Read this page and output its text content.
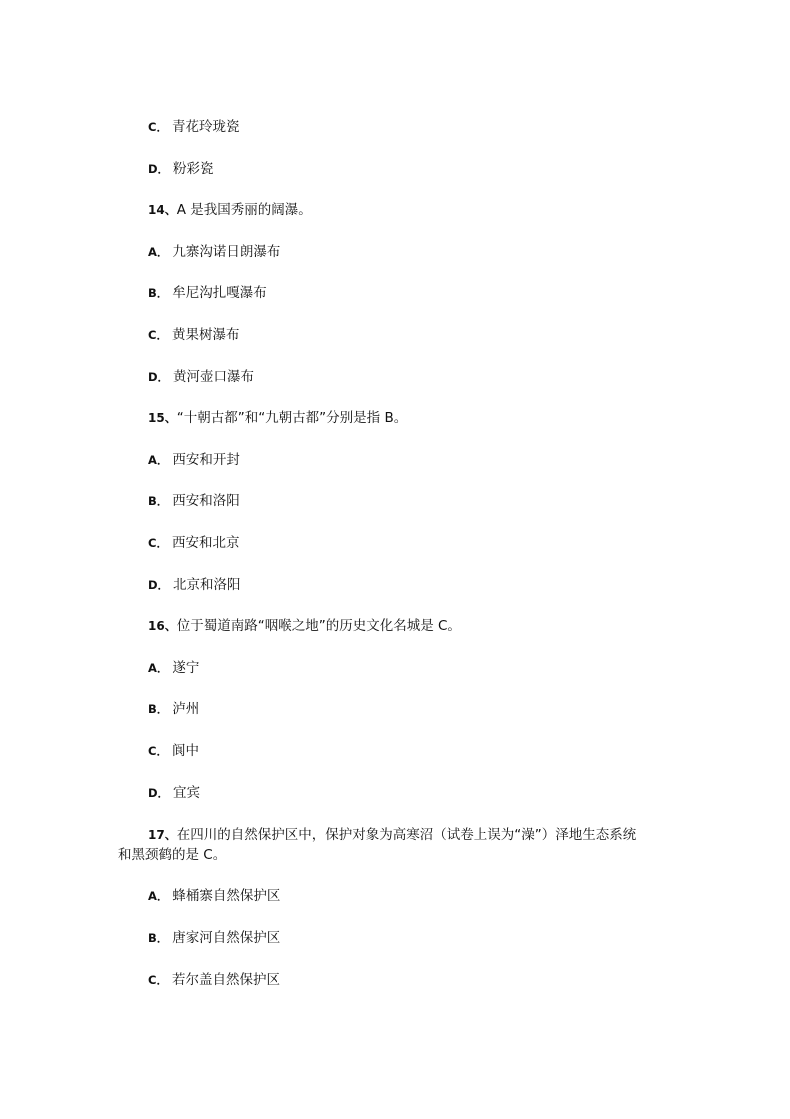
C． 青花玲珑瓷
D． 粉彩瓷
14、A 是我国秀丽的阔瀑。
A． 九寨沟诺日朗瀑布
B． 牟尼沟扎嘎瀑布
C． 黄果树瀑布
D． 黄河壶口瀑布
15、“十朝古都”和“九朝古都”分别是指 B。
A． 西安和开封
B． 西安和洛阳
C． 西安和北京
D． 北京和洛阳
16、位于蜀道南路“咽喉之地”的历史文化名城是 C。
A． 遂宁
B． 泸州
C． 阆中
D． 宜宾
17、在四川的自然保护区中，保护对象为高寒沼（试卷上误为“澡”）泽地生态系统
和黑颈鹤的是 C。
A． 蜂桶寨自然保护区
B． 唐家河自然保护区
C． 若尔盖自然保护区
